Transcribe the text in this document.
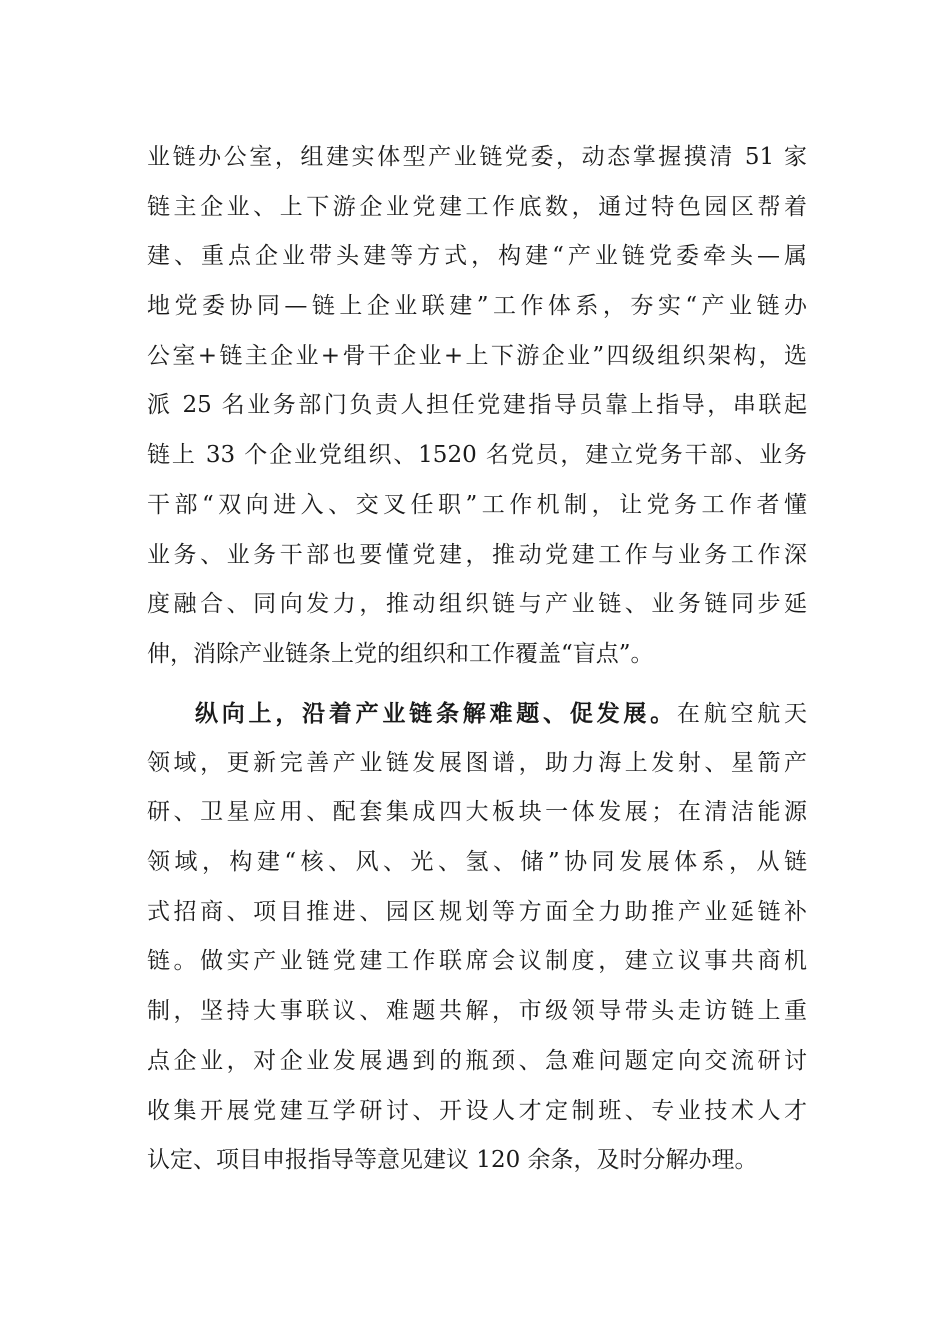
业链办公室，组建实体型产业链党委，动态掌握摸清 51 家
链主企业、上下游企业党建工作底数，通过特色园区帮着
建、重点企业带头建等方式，构建“产业链党委牵头—属
地党委协同—链上企业联建”工作体系，夯实“产业链办
公室+链主企业+骨干企业+上下游企业”四级组织架构，选
派 25 名业务部门负责人担任党建指导员靠上指导，串联起
链上 33 个企业党组织、1520 名党员，建立党务干部、业务
干部“双向进入、交叉任职”工作机制，让党务工作者懂
业务、业务干部也要懂党建，推动党建工作与业务工作深
度融合、同向发力，推动组织链与产业链、业务链同步延
伸，消除产业链条上党的组织和工作覆盖“盲点”。
纵向上，沿着产业链条解难题、促发展。在航空航天
领域，更新完善产业链发展图谱，助力海上发射、星箭产
研、卫星应用、配套集成四大板块一体发展；在清洁能源
领域，构建“核、风、光、氢、储”协同发展体系，从链
式招商、项目推进、园区规划等方面全力助推产业延链补
链。做实产业链党建工作联席会议制度，建立议事共商机
制，坚持大事联议、难题共解，市级领导带头走访链上重
点企业，对企业发展遇到的瓶颈、急难问题定向交流研讨
收集开展党建互学研讨、开设人才定制班、专业技术人才
认定、项目申报指导等意见建议 120 余条，及时分解办理。
